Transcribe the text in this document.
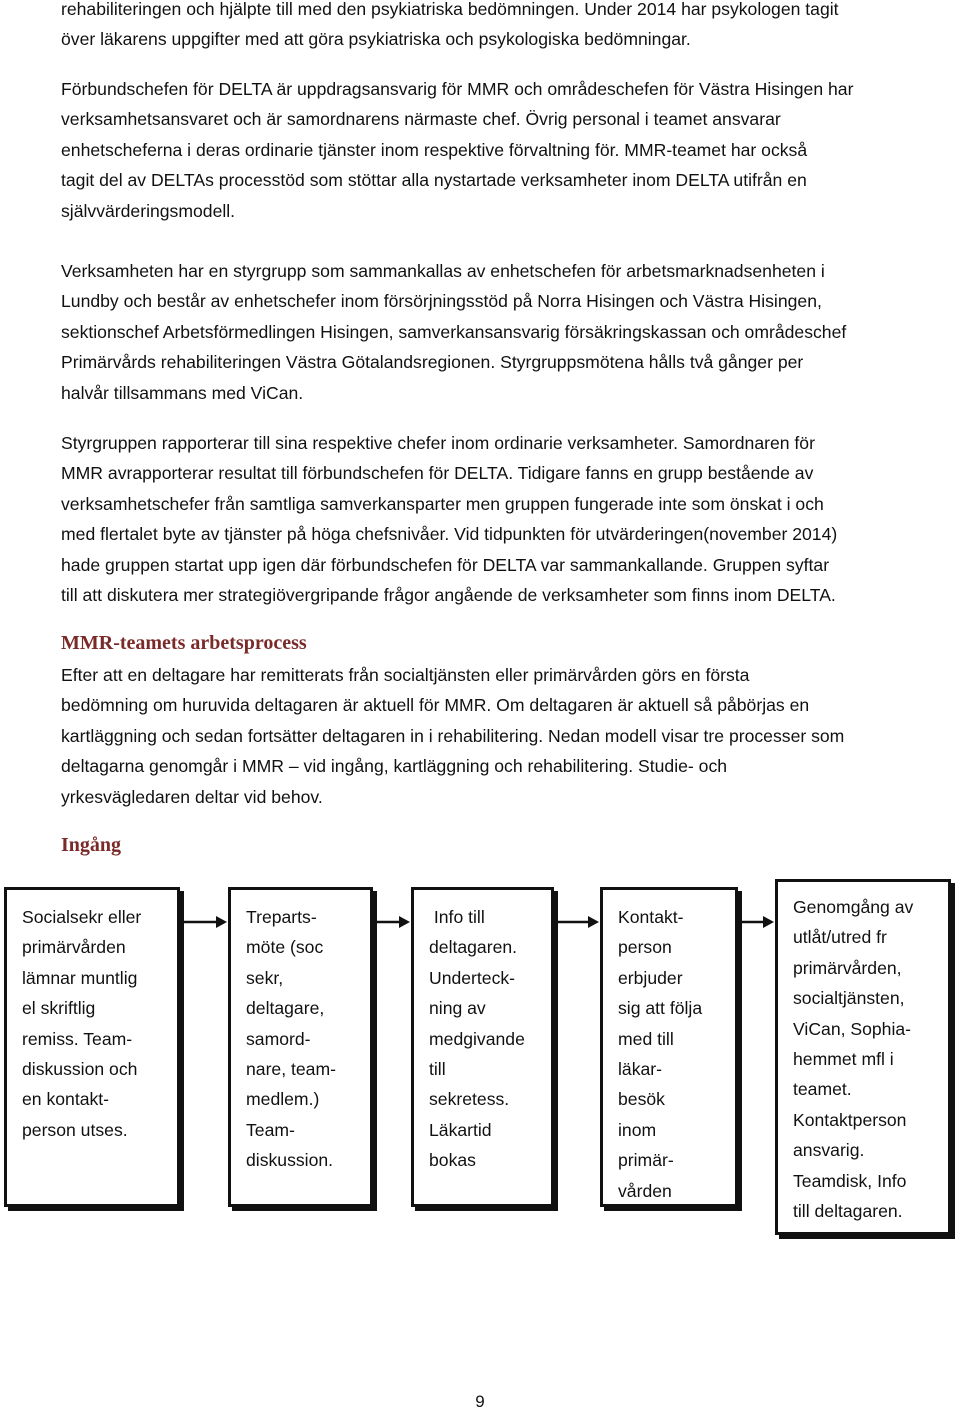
rehabiliteringen och hjälpte till med den psykiatriska bedömningen. Under 2014 har psykologen tagit
över läkarens uppgifter med att göra psykiatriska och psykologiska bedömningar.

Förbundschefen för DELTA är uppdragsansvarig för MMR och områdeschefen för Västra Hisingen har
verksamhetsansvaret och är samordnarens närmaste chef. Övrig personal i teamet ansvarar
enhetscheferna i deras ordinarie tjänster inom respektive förvaltning för. MMR-teamet har också
tagit del av DELTAs processtöd som stöttar alla nystartade verksamheter inom DELTA utifrån en
självvärderingsmodell.

Verksamheten har en styrgrupp som sammankallas av enhetschefen för arbetsmarknadsenheten i
Lundby och består av enhetschefer inom försörjningsstöd på Norra Hisingen och Västra Hisingen,
sektionschef Arbetsförmedlingen Hisingen, samverkansansvarig försäkringskassan och områdeschef
Primärvårds rehabiliteringen Västra Götalandsregionen. Styrgruppsmötena hålls två gånger per
halvår tillsammans med ViCan.

Styrgruppen rapporterar till sina respektive chefer inom ordinarie verksamheter. Samordnaren för
MMR avrapporterar resultat till förbundschefen för DELTA. Tidigare fanns en grupp bestående av
verksamhetschefer från samtliga samverkansparter men gruppen fungerade inte som önskat i och
med flertalet byte av tjänster på höga chefsnivåer. Vid tidpunkten för utvärderingen(november 2014)
hade gruppen startat upp igen där förbundschefen för DELTA var sammankallande. Gruppen syftar
till att diskutera mer strategiövergripande frågor angående de verksamheter som finns inom DELTA.

MMR-teamets arbetsprocess

Efter att en deltagare har remitterats från socialtjänsten eller primärvården görs en första
bedömning om huruvida deltagaren är aktuell för MMR. Om deltagaren är aktuell så påbörjas en
kartläggning och sedan fortsätter deltagaren in i rehabilitering. Nedan modell visar tre processer som
deltagarna genomgår i MMR – vid ingång, kartläggning och rehabilitering. Studie- och
yrkesvägledaren deltar vid behov.

Ingång
Socialsekr eller
primärvården
lämnar muntlig
el skriftlig
remiss. Team-
diskussion och
en kontakt-
person utses.
Treparts-
möte (soc
sekr,
deltagare,
samord-
nare, team-
medlem.)
Team-
diskussion.
Info till
deltagaren.
Underteck-
ning av
medgivande
till
sekretess.
Läkartid
bokas
Kontakt-
person
erbjuder
sig att följa
med till
läkar-
besök
inom
primär-
vården
Genomgång av
utlåt/utred fr
primärvården,
socialtjänsten,
ViCan, Sophia-
hemmet mfl i
teamet.
Kontaktperson
ansvarig.
Teamdisk, Info
till deltagaren.
9
